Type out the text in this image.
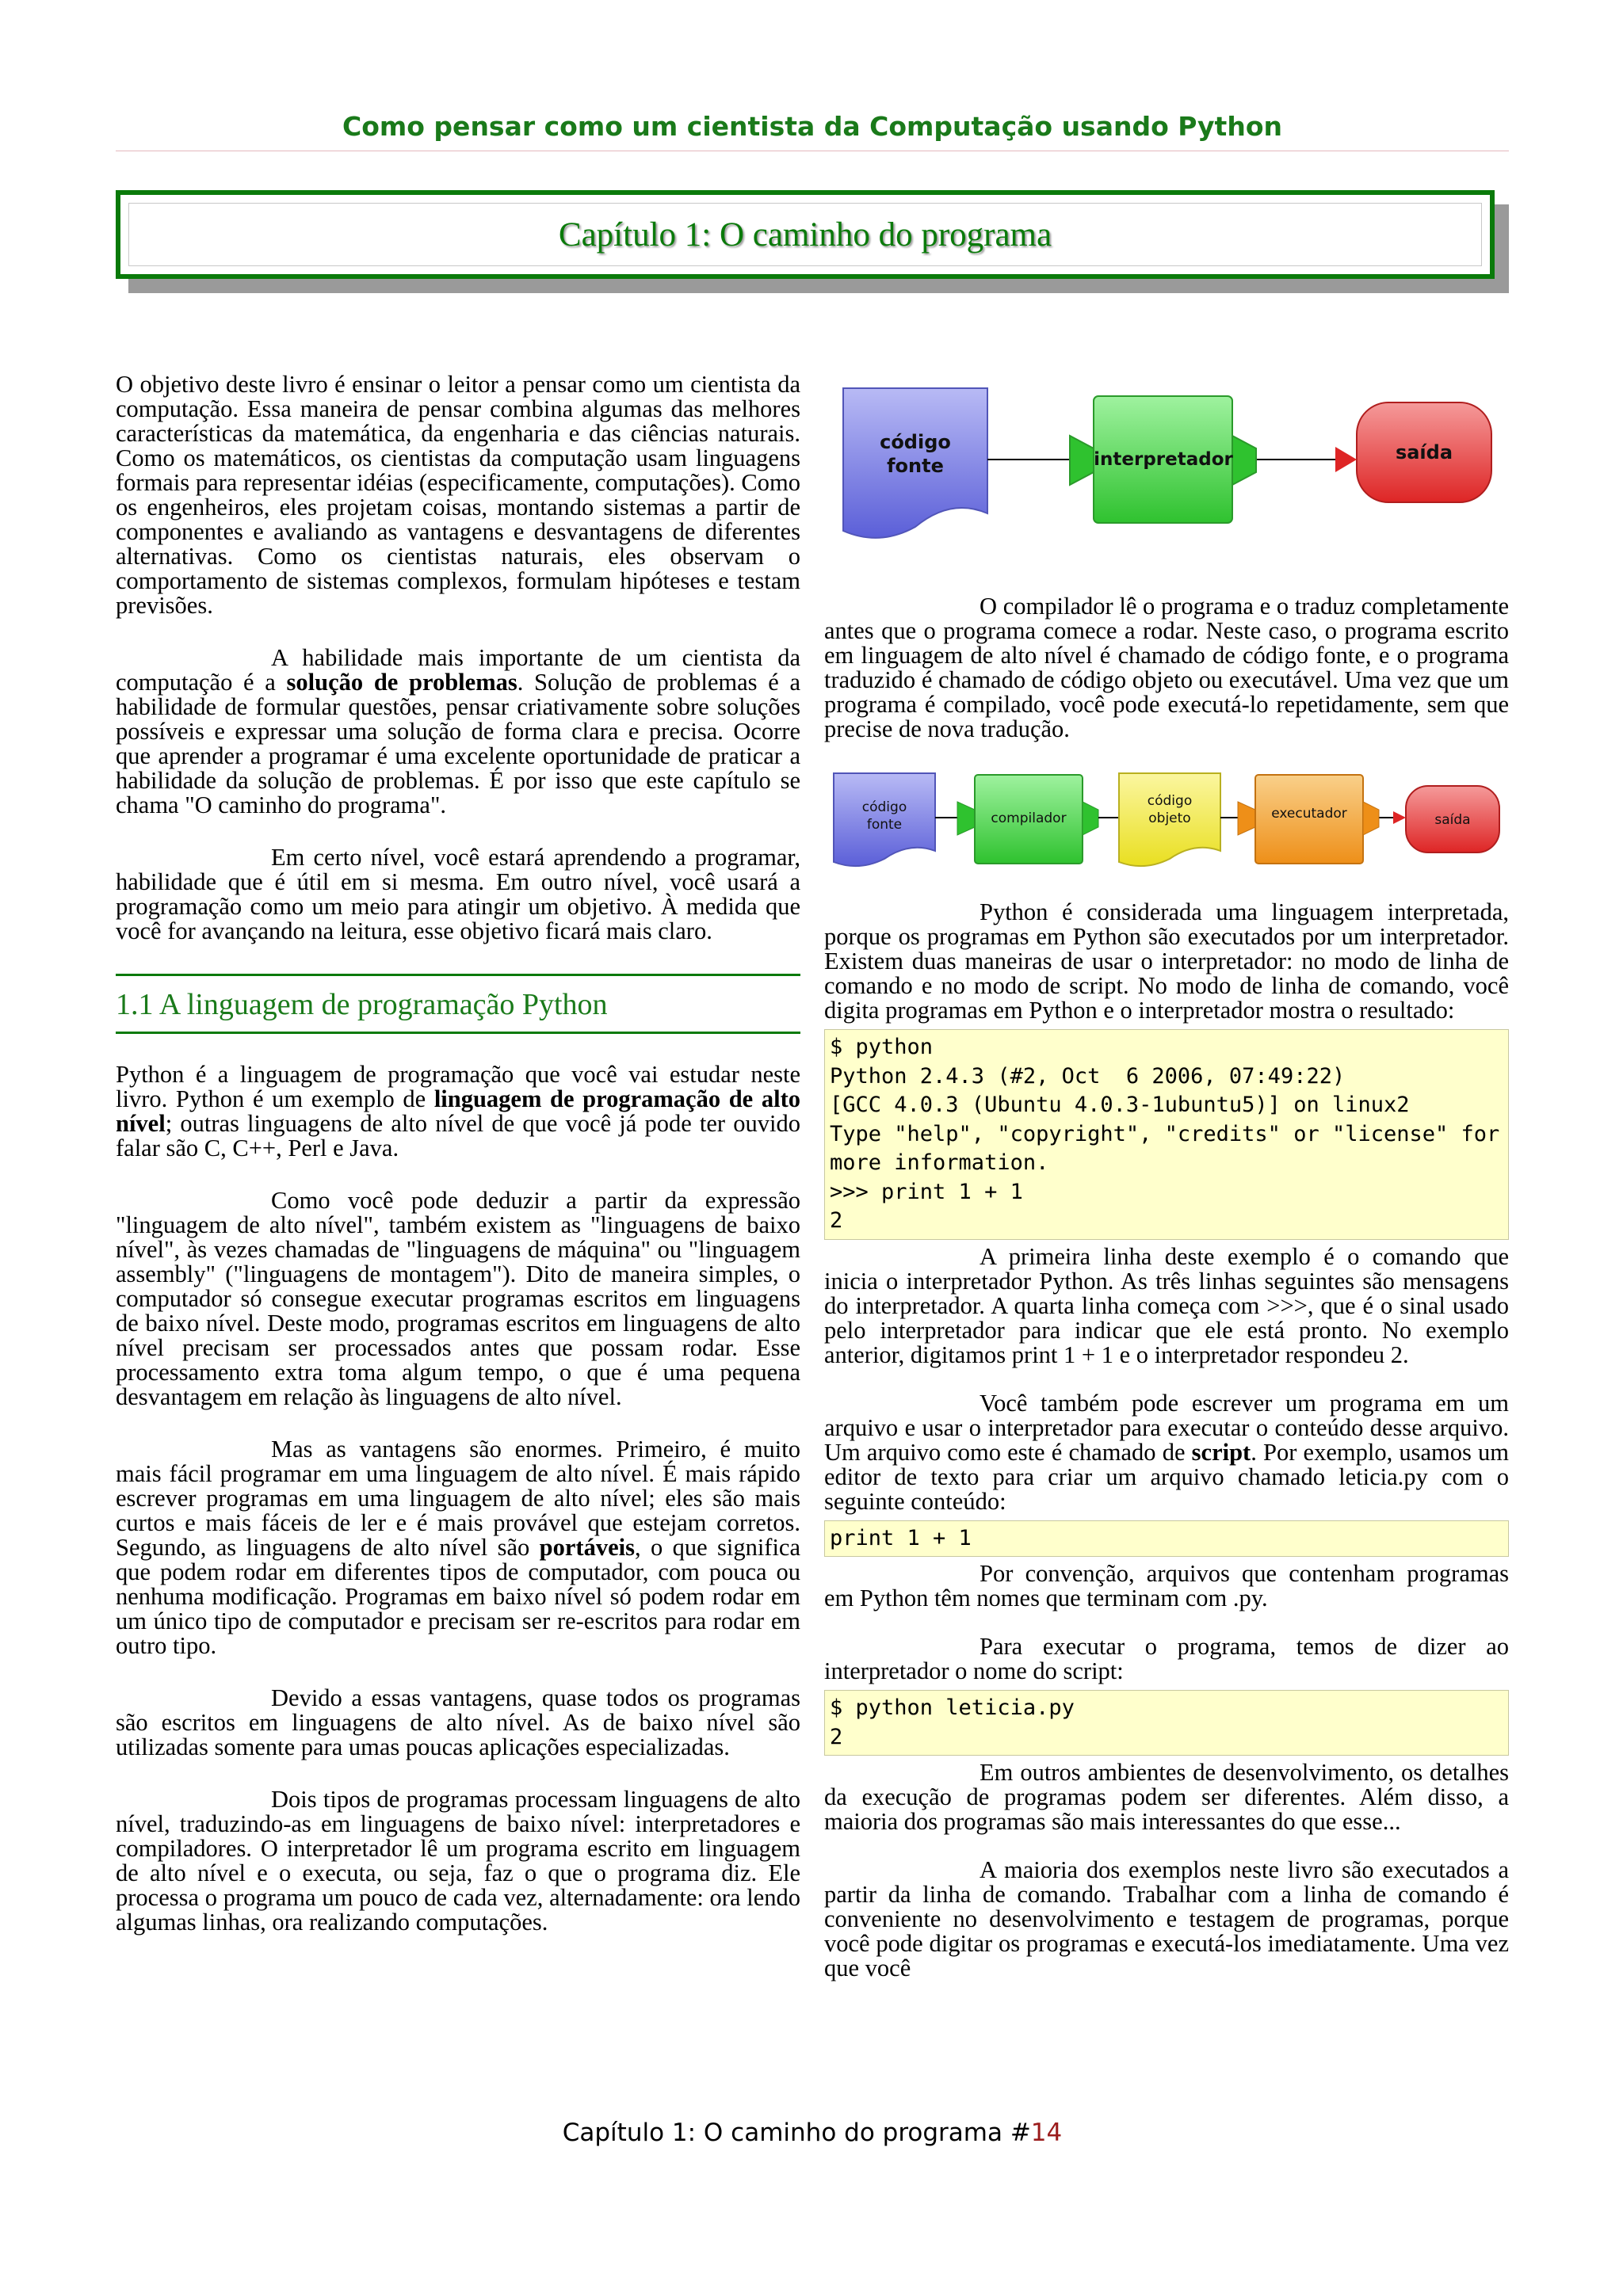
Como pensar como um cientista da Computação usando Python
Capítulo 1: O caminho do programa

O objetivo deste livro é ensinar o leitor a pensar como um cientista da computação. Essa maneira de pensar combina algumas das melhores características da matemática, da engenharia e das ciências naturais. Como os matemáticos, os cientistas da computação usam linguagens formais para representar idéias (especificamente, computações). Como os engenheiros, eles projetam coisas, montando sistemas a partir de componentes e avaliando as vantagens e desvantagens de diferentes alternativas. Como os cientistas naturais, eles observam o comportamento de sistemas complexos, formulam hipóteses e testam previsões.

A habilidade mais importante de um cientista da computação é a solução de problemas. Solução de problemas é a habilidade de formular questões, pensar criativamente sobre soluções possíveis e expressar uma solução de forma clara e precisa. Ocorre que aprender a programar é uma excelente oportunidade de praticar a habilidade da solução de problemas. É por isso que este capítulo se chama "O caminho do programa".

Em certo nível, você estará aprendendo a programar, habilidade que é útil em si mesma. Em outro nível, você usará a programação como um meio para atingir um objetivo. À medida que você for avançando na leitura, esse objetivo ficará mais claro.

1.1 A linguagem de programação Python

Python é a linguagem de programação que você vai estudar neste livro. Python é um exemplo de linguagem de programação de alto nível; outras linguagens de alto nível de que você já pode ter ouvido falar são C, C++, Perl e Java.

Como você pode deduzir a partir da expressão "linguagem de alto nível", também existem as "linguagens de baixo nível", às vezes chamadas de "linguagens de máquina" ou "linguagem assembly" ("linguagens de montagem"). Dito de maneira simples, o computador só consegue executar programas escritos em linguagens de baixo nível. Deste modo, programas escritos em linguagens de alto nível precisam ser processados antes que possam rodar. Esse processamento extra toma algum tempo, o que é uma pequena desvantagem em relação às linguagens de alto nível.

Mas as vantagens são enormes. Primeiro, é muito mais fácil programar em uma linguagem de alto nível. É mais rápido escrever programas em uma linguagem de alto nível; eles são mais curtos e mais fáceis de ler e é mais provável que estejam corretos. Segundo, as linguagens de alto nível são portáveis, o que significa que podem rodar em diferentes tipos de computador, com pouca ou nenhuma modificação. Programas em baixo nível só podem rodar em um único tipo de computador e precisam ser re-escritos para rodar em outro tipo.

Devido a essas vantagens, quase todos os programas são escritos em linguagens de alto nível. As de baixo nível são utilizadas somente para umas poucas aplicações especializadas.

Dois tipos de programas processam linguagens de alto nível, traduzindo-as em linguagens de baixo nível: interpretadores e compiladores. O interpretador lê um programa escrito em linguagem de alto nível e o executa, ou seja, faz o que o programa diz. Ele processa o programa um pouco de cada vez, alternadamente: ora lendo algumas linhas, ora realizando computações.

código fonte	interpretador	saída

O compilador lê o programa e o traduz completamente antes que o programa comece a rodar. Neste caso, o programa escrito em linguagem de alto nível é chamado de código fonte, e o programa traduzido é chamado de código objeto ou executável. Uma vez que um programa é compilado, você pode executá-lo repetidamente, sem que precise de nova tradução.

código fonte	compilador
código objeto	executador	saída

Python é considerada uma linguagem interpretada, porque os programas em Python são executados por um interpretador. Existem duas maneiras de usar o interpretador: no modo de linha de comando e no modo de script. No modo de linha de comando, você digita programas em Python e o interpretador mostra o resultado:

$ python
Python 2.4.3 (#2, Oct  6 2006, 07:49:22)
[GCC 4.0.3 (Ubuntu 4.0.3-1ubuntu5)] on linux2
Type "help", "copyright", "credits" or "license" for
more information.
>>> print 1 + 1
2

A primeira linha deste exemplo é o comando que inicia o interpretador Python. As três linhas seguintes são mensagens do interpretador. A quarta linha começa com >>>, que é o sinal usado pelo interpretador para indicar que ele está pronto. No exemplo anterior, digitamos print 1 + 1 e o interpretador respondeu 2.

Você também pode escrever um programa em um arquivo e usar o interpretador para executar o conteúdo desse arquivo. Um arquivo como este é chamado de script. Por exemplo, usamos um editor de texto para criar um arquivo chamado leticia.py com o seguinte conteúdo:

print 1 + 1

Por convenção, arquivos que contenham programas em Python têm nomes que terminam com .py.

Para executar o programa, temos de dizer ao interpretador o nome do script:

$ python leticia.py
2

Em outros ambientes de desenvolvimento, os detalhes da execução de programas podem ser diferentes. Além disso, a maioria dos programas são mais interessantes do que esse...

A maioria dos exemplos neste livro são executados a partir da linha de comando. Trabalhar com a linha de comando é conveniente no desenvolvimento e testagem de programas, porque você pode digitar os programas e executá-los imediatamente. Uma vez que você

Capítulo 1: O caminho do programa #14
